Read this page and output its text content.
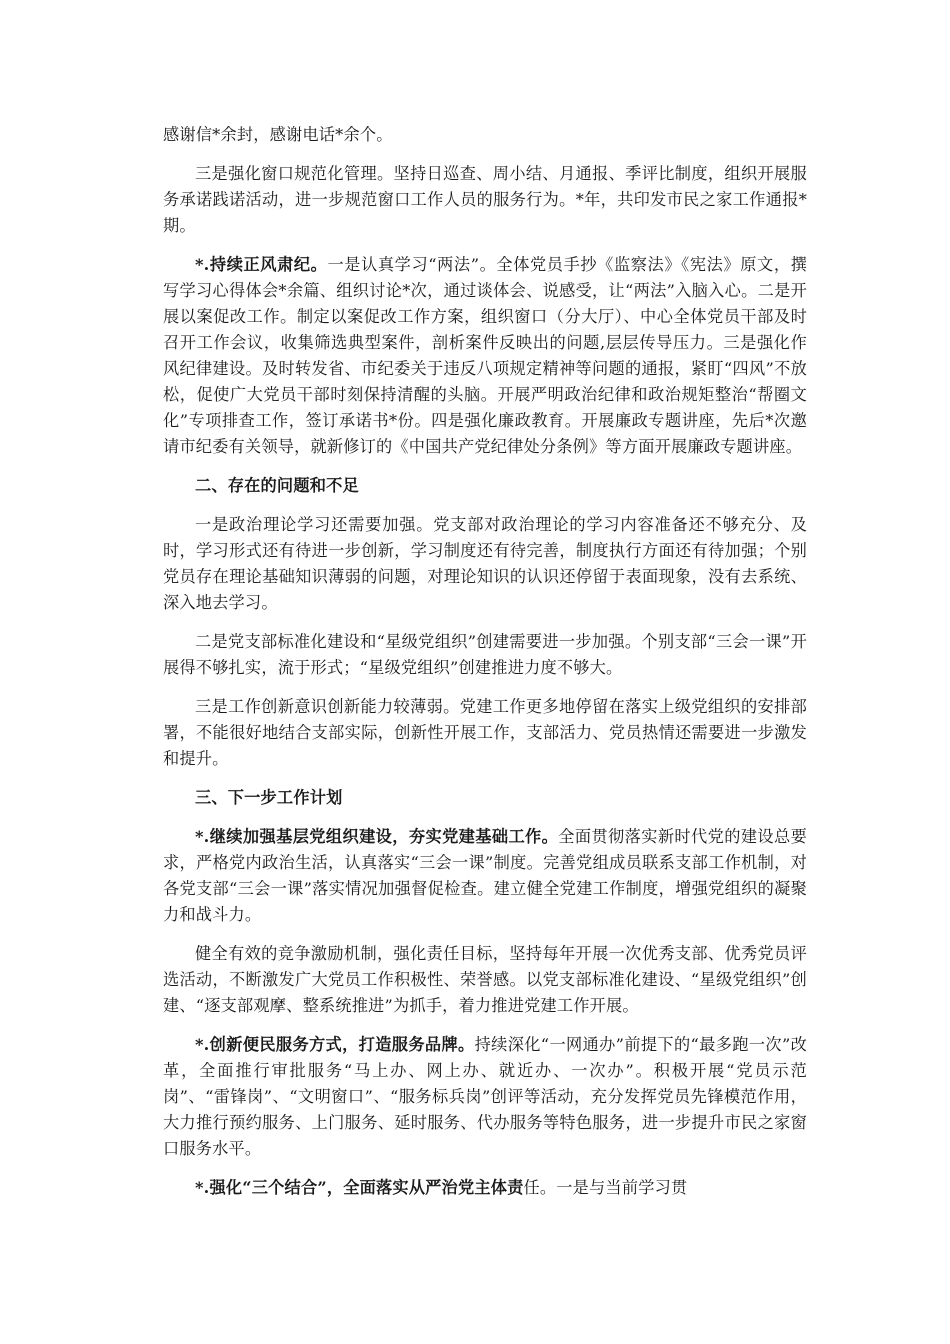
感谢信*余封，感谢电话*余个。

三是强化窗口规范化管理。坚持日巡查、周小结、月通报、季评比制度，组织开展服务承诺践诺活动，进一步规范窗口工作人员的服务行为。*年，共印发市民之家工作通报*期。

*.持续正风肃纪。一是认真学习“两法”。全体党员手抄《监察法》《宪法》原文，撰写学习心得体会*余篇、组织讨论*次，通过谈体会、说感受，让“两法”入脑入心。二是开展以案促改工作。制定以案促改工作方案，组织窗口（分大厅）、中心全体党员干部及时召开工作会议，收集筛选典型案件，剖析案件反映出的问题,层层传导压力。三是强化作风纪律建设。及时转发省、市纪委关于违反八项规定精神等问题的通报，紧盯“四风”不放松，促使广大党员干部时刻保持清醒的头脑。开展严明政治纪律和政治规矩整治“帮圈文化”专项排查工作，签订承诺书*份。四是强化廉政教育。开展廉政专题讲座，先后*次邀请市纪委有关领导，就新修订的《中国共产党纪律处分条例》等方面开展廉政专题讲座。

二、存在的问题和不足

一是政治理论学习还需要加强。党支部对政治理论的学习内容准备还不够充分、及时，学习形式还有待进一步创新，学习制度还有待完善，制度执行方面还有待加强；个别党员存在理论基础知识薄弱的问题，对理论知识的认识还停留于表面现象，没有去系统、深入地去学习。

二是党支部标准化建设和“星级党组织”创建需要进一步加强。个别支部“三会一课”开展得不够扎实，流于形式；“星级党组织”创建推进力度不够大。

三是工作创新意识创新能力较薄弱。党建工作更多地停留在落实上级党组织的安排部署，不能很好地结合支部实际，创新性开展工作，支部活力、党员热情还需要进一步激发和提升。

三、下一步工作计划

*.继续加强基层党组织建设，夯实党建基础工作。全面贯彻落实新时代党的建设总要求，严格党内政治生活，认真落实“三会一课”制度。完善党组成员联系支部工作机制，对各党支部“三会一课”落实情况加强督促检查。建立健全党建工作制度，增强党组织的凝聚力和战斗力。

健全有效的竞争激励机制，强化责任目标，坚持每年开展一次优秀支部、优秀党员评选活动，不断激发广大党员工作积极性、荣誉感。以党支部标准化建设、“星级党组织”创建、“逐支部观摩、整系统推进”为抓手，着力推进党建工作开展。

*.创新便民服务方式，打造服务品牌。持续深化“一网通办”前提下的“最多跑一次”改革，全面推行审批服务“马上办、网上办、就近办、一次办”。积极开展“党员示范岗”、“雷锋岗”、“文明窗口”、“服务标兵岗”创评等活动，充分发挥党员先锋模范作用，大力推行预约服务、上门服务、延时服务、代办服务等特色服务，进一步提升市民之家窗口服务水平。

*.强化“三个结合”，全面落实从严治党主体责任。一是与当前学习贯
